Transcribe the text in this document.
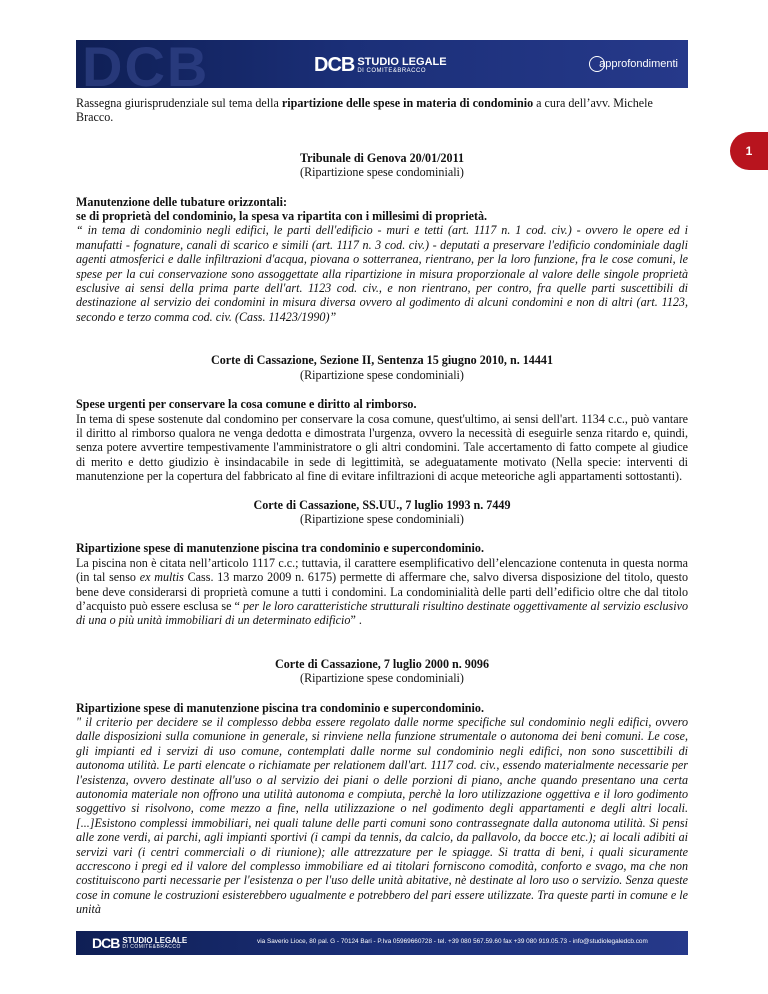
DCB	DCB STUDIO LEGALE
DI COMITE&BRACCO
approfondimenti
1

Rassegna giurisprudenziale sul tema della ripartizione delle spese in materia di condominio a cura dell’avv. Michele Bracco.

Tribunale di Genova 20/01/2011

(Ripartizione spese condominiali)

Manutenzione delle tubature orizzontali:

se di proprietà del condominio, la spesa va ripartita con i millesimi di proprietà.

“ in tema di condominio negli edifici, le parti dell'edificio - muri e tetti (art. 1117 n. 1 cod. civ.) - ovvero le opere ed i manufatti - fognature, canali di scarico e simili (art. 1117 n. 3 cod. civ.) - deputati a preservare l'edificio condominiale dagli agenti atmosferici e dalle infiltrazioni d'acqua, piovana o sotterranea, rientrano, per la loro funzione, fra le cose comuni, le spese per la cui conservazione sono assoggettate alla ripartizione in misura proporzionale al valore delle singole proprietà esclusive ai sensi della prima parte dell'art. 1123 cod. civ., e non rientrano, per contro, fra quelle parti suscettibili di destinazione al servizio dei condomini in misura diversa ovvero al godimento di alcuni condomini e non di altri (art. 1123, secondo e terzo comma cod. civ. (Cass. 11423/1990)”

Corte di Cassazione, Sezione II, Sentenza 15 giugno 2010, n. 14441

(Ripartizione spese condominiali)

Spese urgenti per conservare la cosa comune e diritto al rimborso.

In tema di spese sostenute dal condomino per conservare la cosa comune, quest'ultimo, ai sensi dell'art. 1134 c.c., può vantare il diritto al rimborso qualora ne venga dedotta e dimostrata l'urgenza, ovvero la necessità di eseguirle senza ritardo e, quindi, senza potere avvertire tempestivamente l'amministratore o gli altri condomini. Tale accertamento di fatto compete al giudice di merito e detto giudizio è insindacabile in sede di legittimità, se adeguatamente motivato (Nella specie: interventi di manutenzione per la copertura del fabbricato al fine di evitare infiltrazioni di acque meteoriche agli appartamenti sottostanti).

Corte di Cassazione, SS.UU., 7 luglio 1993 n. 7449

(Ripartizione spese condominiali)

Ripartizione spese di manutenzione piscina tra condominio e supercondominio.

La piscina non è citata nell’articolo 1117 c.c.; tuttavia, il carattere esemplificativo dell’elencazione contenuta in questa norma (in tal senso ex multis Cass. 13 marzo 2009 n. 6175) permette di affermare che, salvo diversa disposizione del titolo, questo bene deve considerarsi di proprietà comune a tutti i condomini. La condominialità delle parti dell’edificio oltre che dal titolo d’acquisto può essere esclusa se “ per le loro caratteristiche strutturali risultino destinate oggettivamente al servizio esclusivo di una o più unità immobiliari di un determinato edificio” .

Corte di Cassazione, 7 luglio 2000 n. 9096

(Ripartizione spese condominiali)

Ripartizione spese di manutenzione piscina tra condominio e supercondominio.

" il criterio per decidere se il complesso debba essere regolato dalle norme specifiche sul condominio negli edifici, ovvero dalle disposizioni sulla comunione in generale, si rinviene nella funzione strumentale o autonoma dei beni comuni. Le cose, gli impianti ed i servizi di uso comune, contemplati dalle norme sul condominio negli edifici, non sono suscettibili di autonoma utilità. Le parti elencate o richiamate per relationem dall'art. 1117 cod. civ., essendo materialmente necessarie per l'esistenza, ovvero destinate all'uso o al servizio dei piani o delle porzioni di piano, anche quando presentano una certa autonomia materiale non offrono una utilità autonoma e compiuta, perchè la loro utilizzazione oggettiva e il loro godimento soggettivo si risolvono, come mezzo a fine, nella utilizzazione o nel godimento degli appartamenti e degli altri locali.[...]Esistono complessi immobiliari, nei quali talune delle parti comuni sono contrassegnate dalla autonoma utilità. Si pensi alle zone verdi, ai parchi, agli impianti sportivi (i campi da tennis, da calcio, da pallavolo, da bocce etc.); ai locali adibiti ai servizi vari (i centri commerciali o di riunione); alle attrezzature per le spiagge. Si tratta di beni, i quali sicuramente accrescono i pregi ed il valore del complesso immobiliare ed ai titolari forniscono comodità, conforto e svago, ma che non costituiscono parti necessarie per l'esistenza o per l'uso delle unità abitative, nè destinate al loro uso o servizio. Senza queste cose in comune le costruzioni esisterebbero ugualmente e potrebbero del pari essere utilizzate. Tra queste parti in comune e le unità

DCB STUDIO LEGALE
DI COMITE&BRACCO
via Saverio Lioce, 80 pal. G - 70124 Bari - P.Iva 05969660728 - tel. +39 080 567.59.60 fax +39 080 919.05.73 - info@studiolegaledcb.com
